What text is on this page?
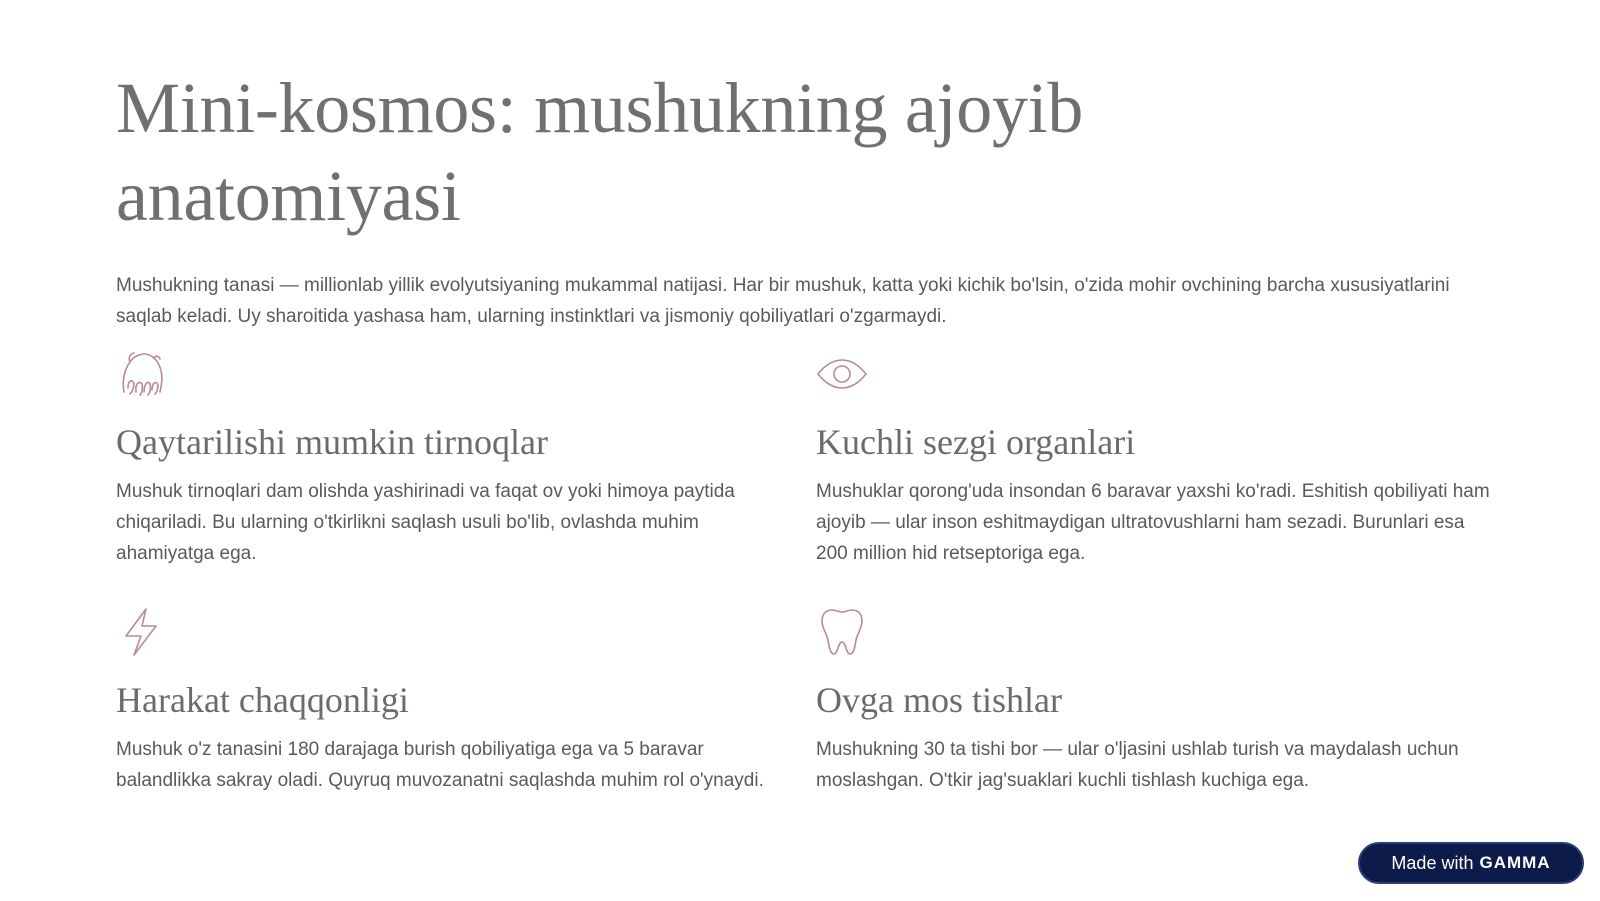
Mini-kosmos: mushukning ajoyib anatomiyasi

Mushukning tanasi — millionlab yillik evolyutsiyaning mukammal natijasi. Har bir mushuk, katta yoki kichik bo'lsin, o'zida mohir ovchining barcha xususiyatlarini saqlab keladi. Uy sharoitida yashasa ham, ularning instinktlari va jismoniy qobiliyatlari o'zgarmaydi.

Qaytarilishi mumkin tirnoqlar

Mushuk tirnoqlari dam olishda yashirinadi va faqat ov yoki himoya paytida chiqariladi. Bu ularning o'tkirlikni saqlash usuli bo'lib, ovlashda muhim ahamiyatga ega.

Kuchli sezgi organlari

Mushuklar qorong'uda insondan 6 baravar yaxshi ko'radi. Eshitish qobiliyati ham ajoyib — ular inson eshitmaydigan ultratovushlarni ham sezadi. Burunlari esa 200 million hid retseptoriga ega.

Harakat chaqqonligi

Mushuk o'z tanasini 180 darajaga burish qobiliyatiga ega va 5 baravar balandlikka sakray oladi. Quyruq muvozanatni saqlashda muhim rol o'ynaydi.

Ovga mos tishlar

Mushukning 30 ta tishi bor — ular o'ljasini ushlab turish va maydalash uchun moslashgan. O'tkir jag'suaklari kuchli tishlash kuchiga ega.

Made with GAMMA
